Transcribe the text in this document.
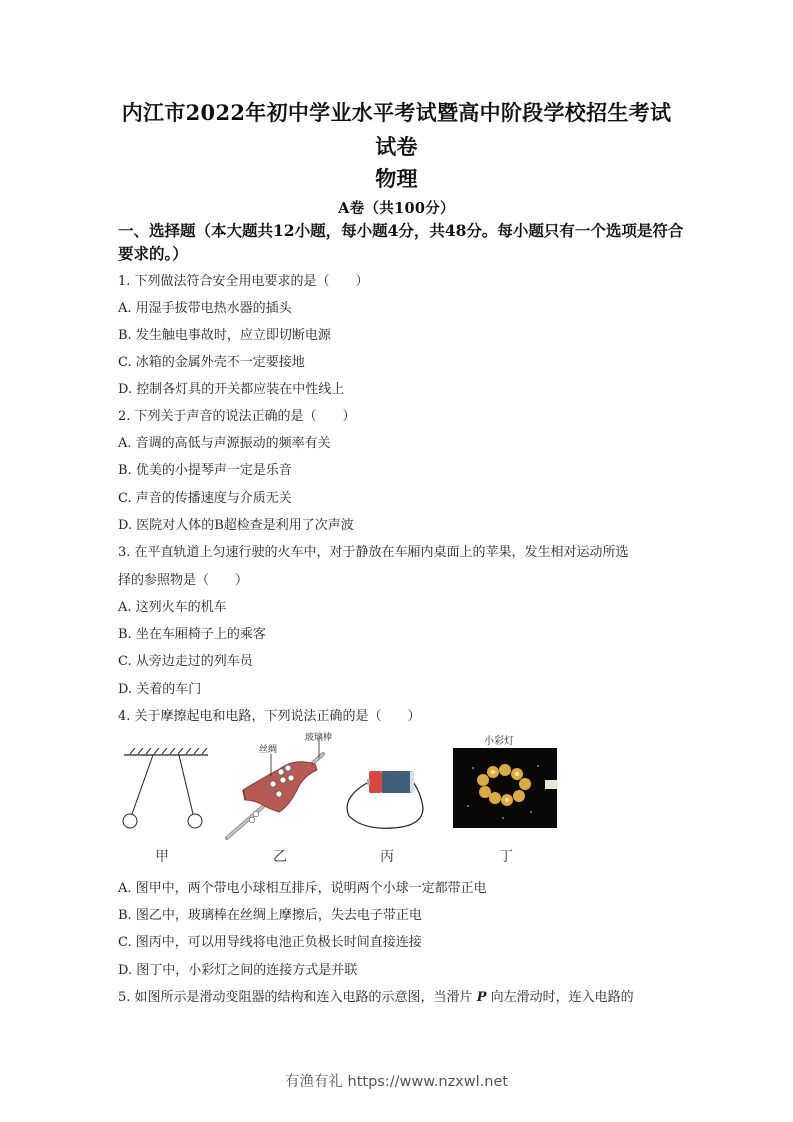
内江市2022年初中学业水平考试暨高中阶段学校招生考试
试卷
物理
A卷（共100分）
一、选择题（本大题共12小题，每小题4分，共48分。每小题只有一个选项是符合要求的。）
1. 下列做法符合安全用电要求的是（　　）
A. 用湿手拔带电热水器的插头
B. 发生触电事故时，应立即切断电源
C. 冰箱的金属外壳不一定要接地
D. 控制各灯具的开关都应装在中性线上
2. 下列关于声音的说法正确的是（　　）
A. 音调的高低与声源振动的频率有关
B. 优美的小提琴声一定是乐音
C. 声音的传播速度与介质无关
D. 医院对人体的B超检查是利用了次声波
3. 在平直轨道上匀速行驶的火车中，对于静放在车厢内桌面上的苹果，发生相对运动所选
择的参照物是（　　）
A. 这列火车的机车
B. 坐在车厢椅子上的乘客
C. 从旁边走过的列车员
D. 关着的车门
4. 关于摩擦起电和电路，下列说法正确的是（　　）
甲
丝绸
玻璃棒
乙	丙
小彩灯
丁
A. 图甲中，两个带电小球相互排斥，说明两个小球一定都带正电
B. 图乙中，玻璃棒在丝绸上摩擦后，失去电子带正电
C. 图丙中，可以用导线将电池正负极长时间直接连接
D. 图丁中，小彩灯之间的连接方式是并联
5. 如图所示是滑动变阻器的结构和连入电路的示意图，当滑片 P 向左滑动时，连入电路的
有渔有礼 https://www.nzxwl.net
